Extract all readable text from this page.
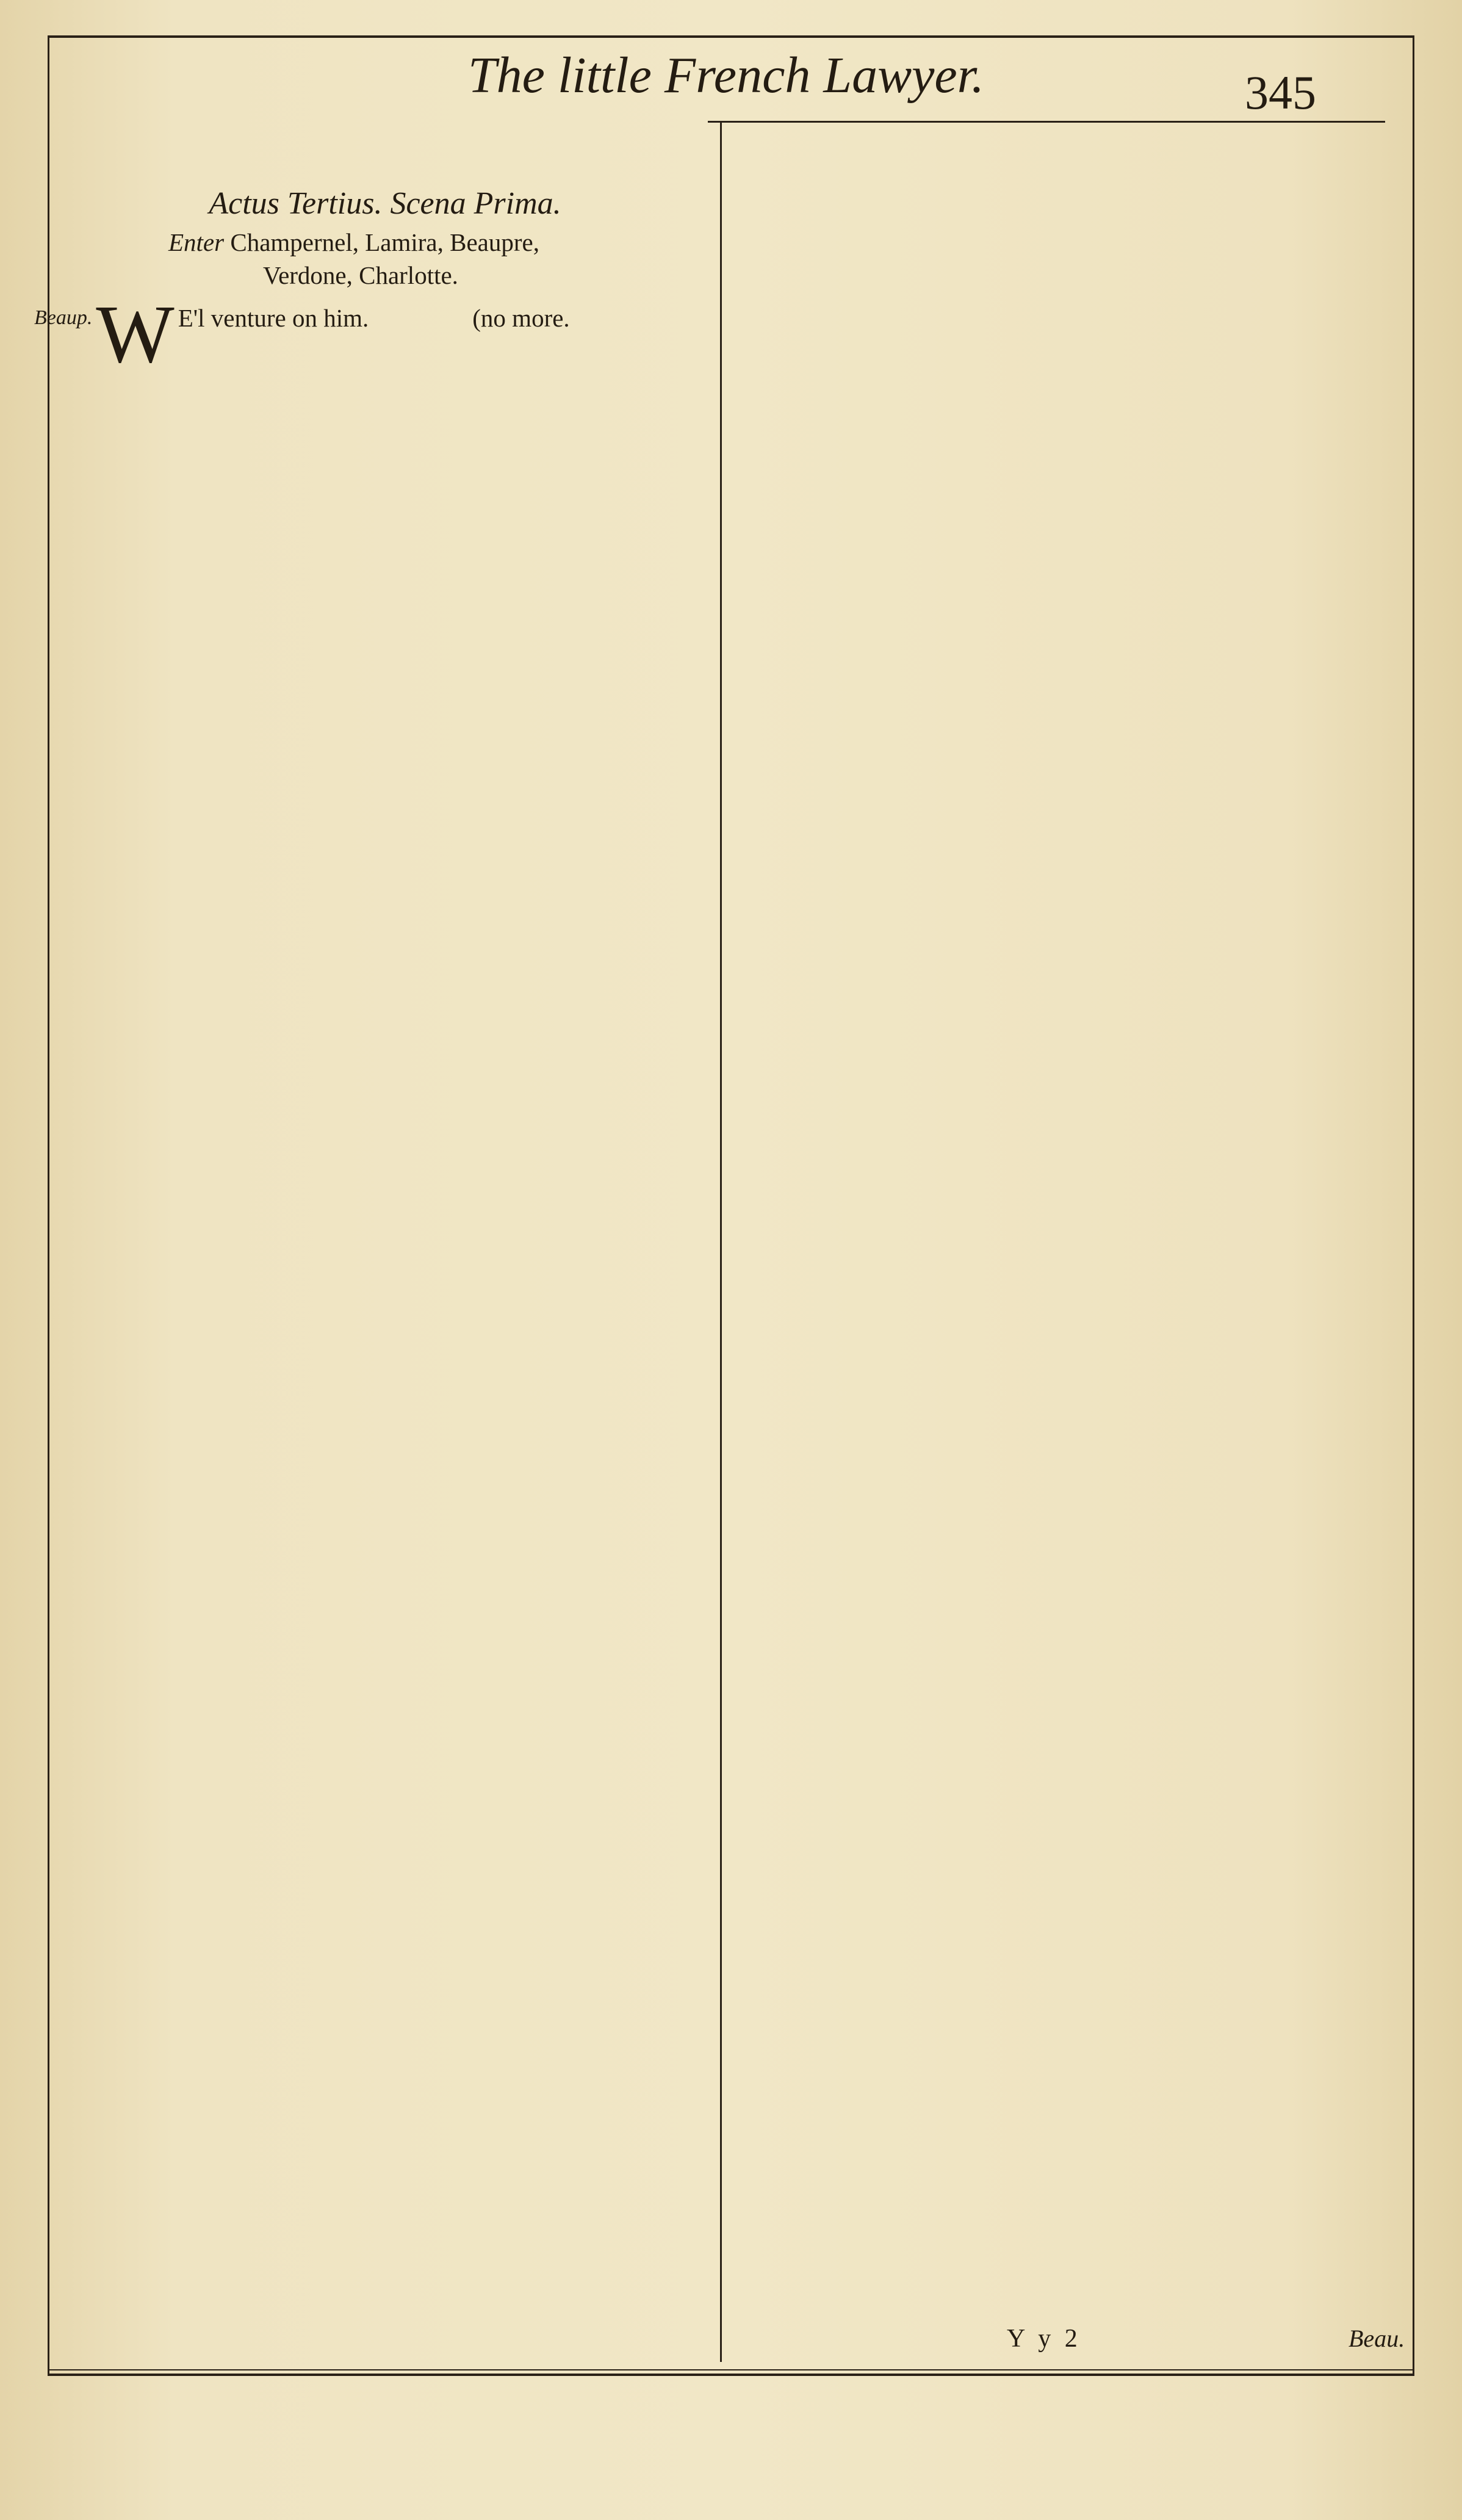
The little French Lawyer.	345
Actus Tertius. Scena Prima.
Enter Champernel, Lamira, Beaupre,
Verdone, Charlotte.
Beaup. W E'l venture on him.	(no more.
Y y 2	Beau.
